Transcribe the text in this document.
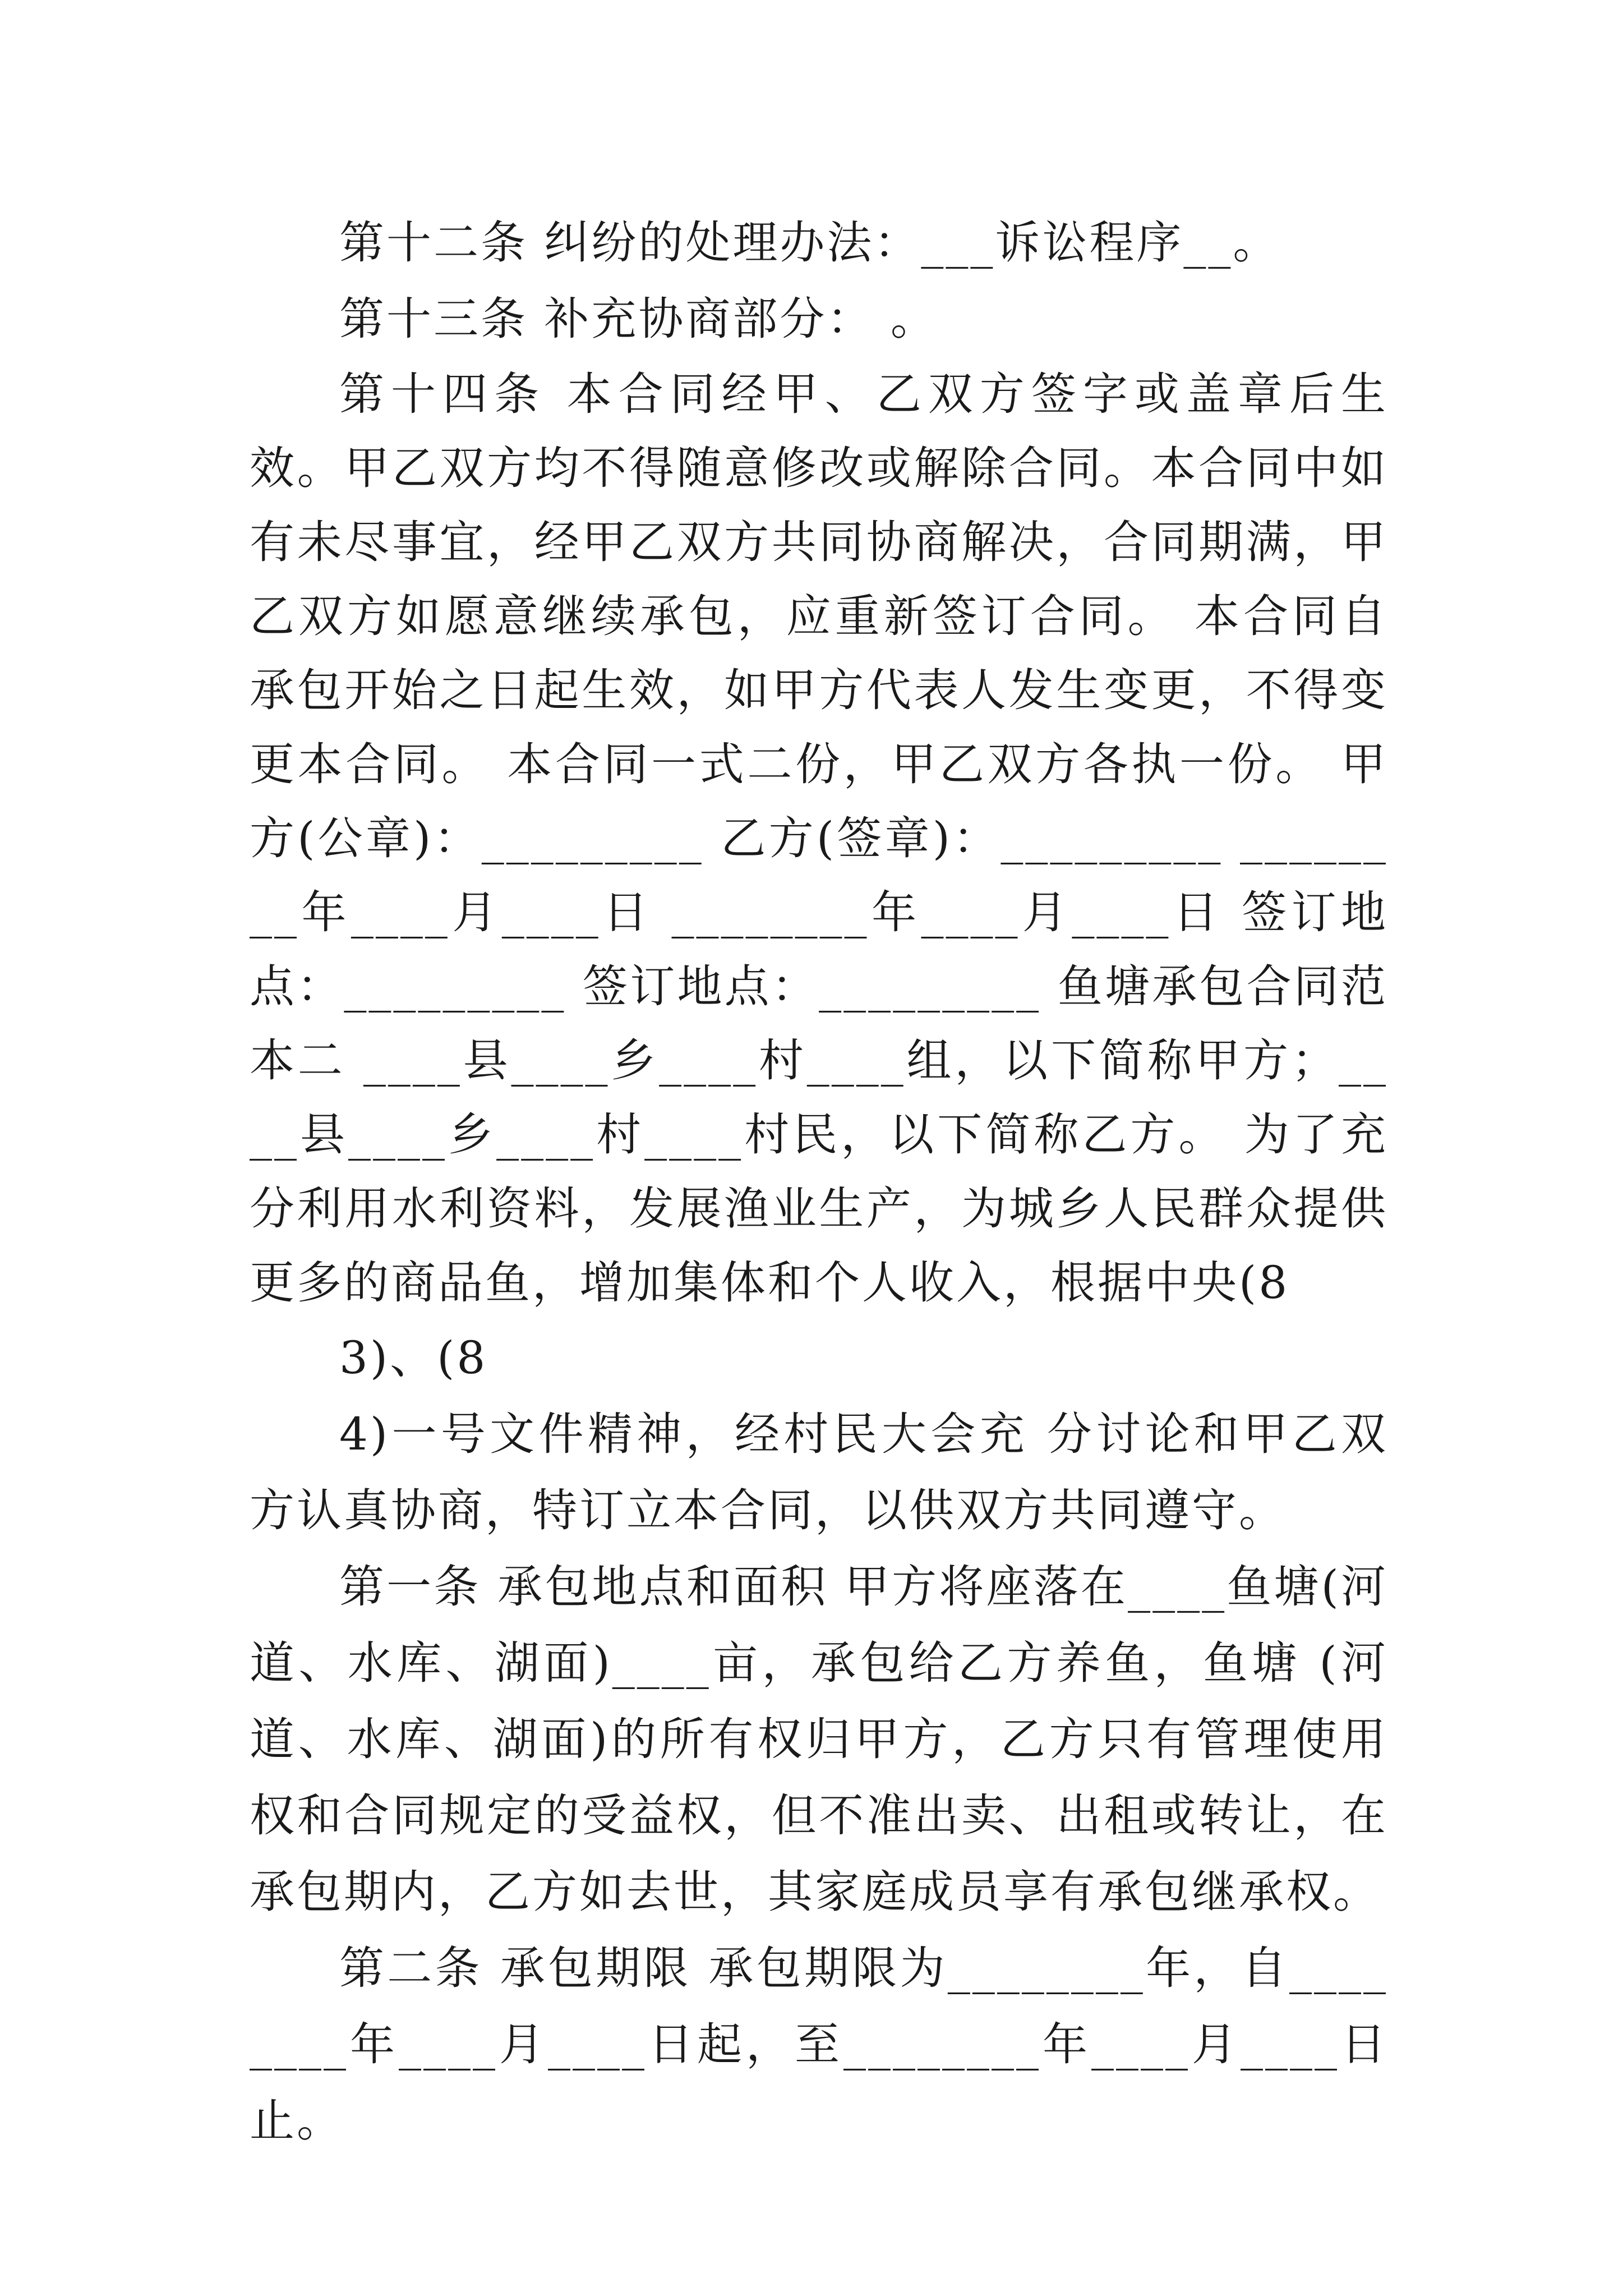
第十二条 纠纷的处理办法：___诉讼程序__。

第十三条 补充协商部分： 。

第十四条 本合同经甲、乙双方签字或盖章后生效。甲乙双方均不得随意修改或解除合同。本合同中如有未尽事宜，经甲乙双方共同协商解决，合同期满，甲乙双方如愿意继续承包，应重新签订合同。 本合同自承包开始之日起生效，如甲方代表人发生变更，不得变更本合同。 本合同一式二份，甲乙双方各执一份。 甲方(公章)：_________ 乙方(签章)：_________ ________年____月____日 ________年____月____日 签订地点：_________ 签订地点：_________ 鱼塘承包合同范本二 ____县____乡____村____组，以下简称甲方；____县____乡____村____村民，以下简称乙方。 为了充分利用水利资料，发展渔业生产，为城乡人民群众提供更多的商品鱼，增加集体和个人收入，根据中央(8

3)、(8

4)一号文件精神，经村民大会充 分讨论和甲乙双方认真协商，特订立本合同，以供双方共同遵守。

第一条 承包地点和面积 甲方将座落在____鱼塘(河道、水库、湖面)____亩，承包给乙方养鱼，鱼塘 (河道、水库、湖面)的所有权归甲方，乙方只有管理使用权和合同规定的受益权，但不准出卖、出租或转让，在承包期内，乙方如去世，其家庭成员享有承包继承权。

第二条 承包期限 承包期限为________年，自________年____月____日起，至________年____月____日止。
